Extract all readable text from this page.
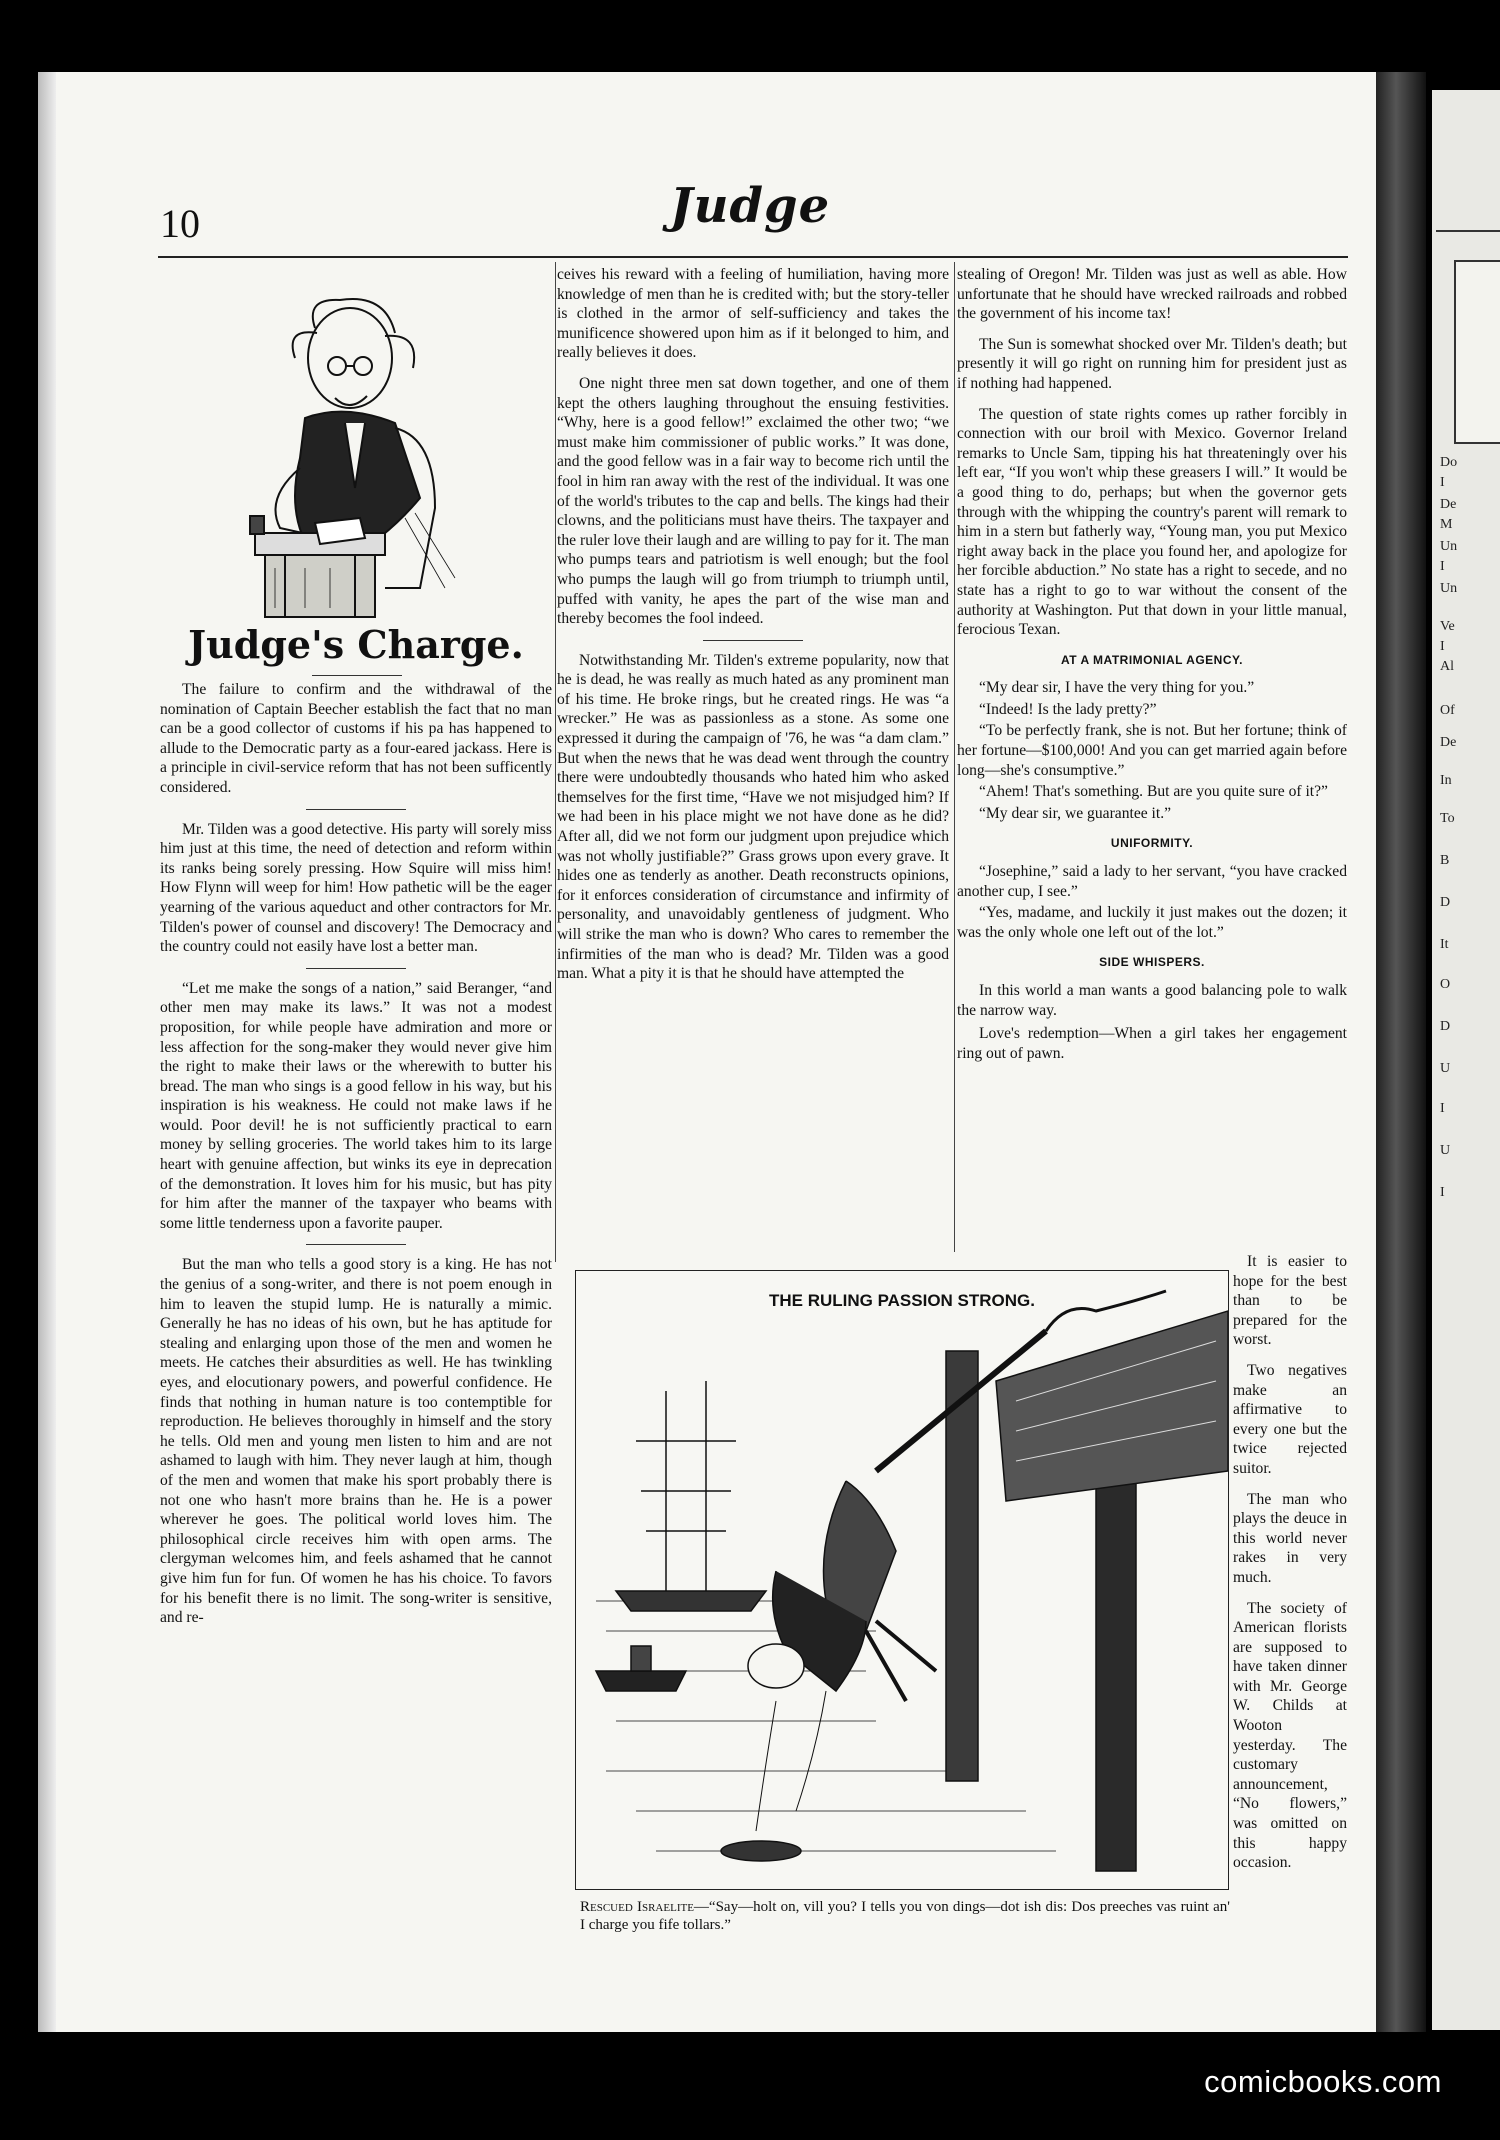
Do
I
De
M
Un
I
Un
Ve
I
Al
Of
De
In
To
B
D
It
O
D
U
I
U
I
10	Judge
Judge's Charge.

The failure to confirm and the withdrawal of the nomination of Captain Beecher establish the fact that no man can be a good collector of customs if his pa has happened to allude to the Democratic party as a four-eared jackass. Here is a principle in civil-service reform that has not been sufficently considered.

Mr. Tilden was a good detective. His party will sorely miss him just at this time, the need of detection and reform within its ranks being sorely pressing. How Squire will miss him! How Flynn will weep for him! How pathetic will be the eager yearning of the various aqueduct and other contractors for Mr. Tilden's power of counsel and discovery! The Democracy and the country could not easily have lost a better man.

“Let me make the songs of a nation,” said Beranger, “and other men may make its laws.” It was not a modest proposition, for while people have admiration and more or less affection for the song-maker they would never give him the right to make their laws or the wherewith to butter his bread. The man who sings is a good fellow in his way, but his inspiration is his weakness. He could not make laws if he would. Poor devil! he is not sufficiently practical to earn money by selling groceries. The world takes him to its large heart with genuine affection, but winks its eye in deprecation of the demonstration. It loves him for his music, but has pity for him after the manner of the taxpayer who beams with some little tenderness upon a favorite pauper.

But the man who tells a good story is a king. He has not the genius of a song-writer, and there is not poem enough in him to leaven the stupid lump. He is naturally a mimic. Generally he has no ideas of his own, but he has aptitude for stealing and enlarging upon those of the men and women he meets. He catches their absurdities as well. He has twinkling eyes, and elocutionary powers, and powerful confidence. He finds that nothing in human nature is too contemptible for reproduction. He believes thoroughly in himself and the story he tells. Old men and young men listen to him and are not ashamed to laugh with him. They never laugh at him, though of the men and women that make his sport probably there is not one who hasn't more brains than he. He is a power wherever he goes. The political world loves him. The philosophical circle receives him with open arms. The clergyman welcomes him, and feels ashamed that he cannot give him fun for fun. Of women he has his choice. To favors for his benefit there is no limit. The song-writer is sensitive, and re-

ceives his reward with a feeling of humiliation, having more knowledge of men than he is credited with; but the story-teller is clothed in the armor of self-sufficiency and takes the munificence showered upon him as if it belonged to him, and really believes it does.

One night three men sat down together, and one of them kept the others laughing throughout the ensuing festivities. “Why, here is a good fellow!” exclaimed the other two; “we must make him commissioner of public works.” It was done, and the good fellow was in a fair way to become rich until the fool in him ran away with the rest of the individual. It was one of the world's tributes to the cap and bells. The kings had their clowns, and the politicians must have theirs. The taxpayer and the ruler love their laugh and are willing to pay for it. The man who pumps tears and patriotism is well enough; but the fool who pumps the laugh will go from triumph to triumph until, puffed with vanity, he apes the part of the wise man and thereby becomes the fool indeed.

Notwithstanding Mr. Tilden's extreme popularity, now that he is dead, he was really as much hated as any prominent man of his time. He broke rings, but he created rings. He was “a wrecker.” He was as passionless as a stone. As some one expressed it during the campaign of '76, he was “a dam clam.” But when the news that he was dead went through the country there were undoubtedly thousands who hated him who asked themselves for the first time, “Have we not misjudged him? If we had been in his place might we not have done as he did? After all, did we not form our judgment upon prejudice which was not wholly justifiable?” Grass grows upon every grave. It hides one as tenderly as another. Death reconstructs opinions, for it enforces consideration of circumstance and infirmity of personality, and unavoidably gentleness of judgment. Who will strike the man who is down? Who cares to remember the infirmities of the man who is dead? Mr. Tilden was a good man. What a pity it is that he should have attempted the

stealing of Oregon! Mr. Tilden was just as well as able. How unfortunate that he should have wrecked railroads and robbed the government of his income tax!

The Sun is somewhat shocked over Mr. Tilden's death; but presently it will go right on running him for president just as if nothing had happened.

The question of state rights comes up rather forcibly in connection with our broil with Mexico. Governor Ireland remarks to Uncle Sam, tipping his hat threateningly over his left ear, “If you won't whip these greasers I will.” It would be a good thing to do, perhaps; but when the governor gets through with the whipping the country's parent will remark to him in a stern but fatherly way, “Young man, you put Mexico right away back in the place you found her, and apologize for her forcible abduction.” No state has a right to secede, and no state has a right to go to war without the consent of the authority at Washington. Put that down in your little manual, ferocious Texan.

AT A MATRIMONIAL AGENCY.

“My dear sir, I have the very thing for you.”

“Indeed! Is the lady pretty?”

“To be perfectly frank, she is not. But her fortune; think of her fortune—$100,000! And you can get married again before long—she's consumptive.”

“Ahem! That's something. But are you quite sure of it?”

“My dear sir, we guarantee it.”

UNIFORMITY.

“Josephine,” said a lady to her servant, “you have cracked another cup, I see.”

“Yes, madame, and luckily it just makes out the dozen; it was the only whole one left out of the lot.”

SIDE WHISPERS.

In this world a man wants a good balancing pole to walk the narrow way.

Love's redemption—When a girl takes her engagement ring out of pawn.

It is easier to hope for the best than to be prepared for the worst.

Two negatives make an affirmative to every one but the twice rejected suitor.

The man who plays the deuce in this world never rakes in very much.

The society of American florists are supposed to have taken dinner with Mr. George W. Childs at Wooton yesterday. The customary announcement, “No flowers,” was omitted on this happy occasion.

THE RULING PASSION STRONG.
Rescued Israelite—“Say—holt on, vill you? I tells you von dings—dot ish dis: Dos preeches vas ruint an' I charge you fife tollars.”
comicbooks.com
